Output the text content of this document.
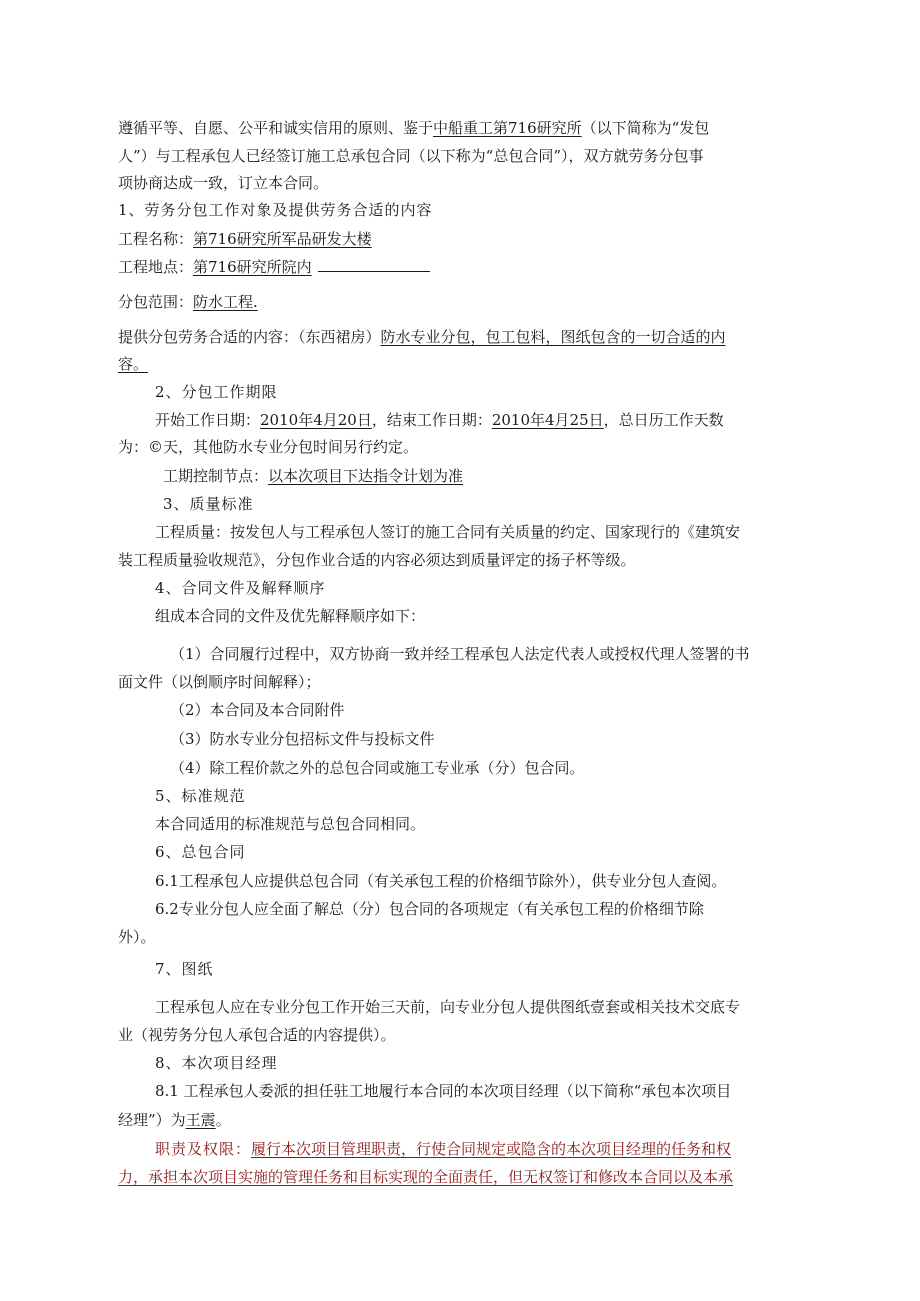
遵循平等、自愿、公平和诚实信用的原则、鉴于中船重工第716研究所（以下简称为“发包
人”）与工程承包人已经签订施工总承包合同（以下称为“总包合同”），双方就劳务分包事
项协商达成一致，订立本合同。
1、劳务分包工作对象及提供劳务合适的内容
工程名称：第716研究所军品研发大楼
工程地点：第716研究所院内
分包范围：防水工程.
提供分包劳务合适的内容：（东西裙房）防水专业分包，包工包料，图纸包含的一切合适的内
容。
2、分包工作期限
开始工作日期：2010年4月20日，结束工作日期：2010年4月25日，总日历工作天数
为：©天，其他防水专业分包时间另行约定。
工期控制节点：以本次项目下达指令计划为准
3、质量标准
工程质量：按发包人与工程承包人签订的施工合同有关质量的约定、国家现行的《建筑安
装工程质量验收规范》，分包作业合适的内容必须达到质量评定的扬子杯等级。
4、合同文件及解释顺序
组成本合同的文件及优先解释顺序如下：
（1）合同履行过程中，双方协商一致并经工程承包人法定代表人或授权代理人签署的书
面文件（以倒顺序时间解释）；
（2）本合同及本合同附件
（3）防水专业分包招标文件与投标文件
（4）除工程价款之外的总包合同或施工专业承（分）包合同。
5、标准规范
本合同适用的标准规范与总包合同相同。
6、总包合同
6.1工程承包人应提供总包合同（有关承包工程的价格细节除外），供专业分包人查阅。
6.2专业分包人应全面了解总（分）包合同的各项规定（有关承包工程的价格细节除
外）。
7、图纸
工程承包人应在专业分包工作开始三天前，向专业分包人提供图纸壹套或相关技术交底专
业（视劳务分包人承包合适的内容提供）。
8、本次项目经理
8.1 工程承包人委派的担任驻工地履行本合同的本次项目经理（以下简称“承包本次项目
经理”）为王震。
职责及权限：履行本次项目管理职责，行使合同规定或隐含的本次项目经理的任务和权
力，承担本次项目实施的管理任务和目标实现的全面责任，但无权签订和修改本合同以及本承
